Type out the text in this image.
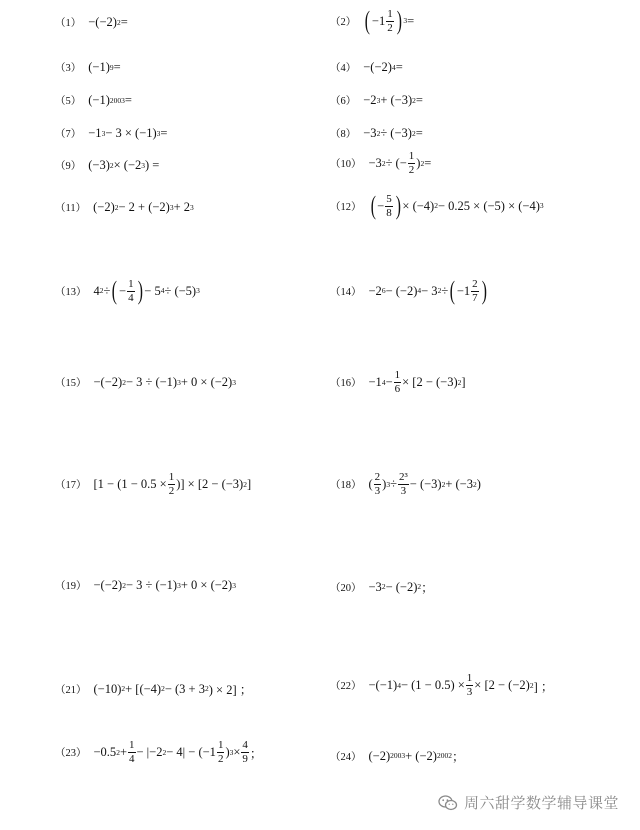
（1） −(−2) 2 =	（2） ( $-1 \frac{1}{2}$ ) 3 =
（3） (−1) 9 =	（4） −(−2) 4 =
（5） (−1) 2003 =	（6） −2 3 + (−3) 2 =
（7） −1 3 − 3 × (−1) 3 =	（8） −3 2 ÷ (−3) 2 =
（9） (−3) 2 × (−2 3 ) =	（10） −3 2 ÷ (− $\frac{1}{2}$ ) 2 =
（11） (−2) 2 − 2 + (−2) 3 + 2 3	（12） ( − $\frac{5}{8}$ ) × (−4) 2 − 0.25 × (−5) × (−4) 3
（13） 4 2 ÷ ( − $\frac{1}{4}$ ) − 5 4 ÷ (−5) 3	（14） −2 6 − (−2) 4 − 3 2 ÷ ( $-1 \frac{2}{7}$ )
（15） −(−2) 2 − 3 ÷ (−1) 3 + 0 × (−2) 3	（16） −1 $4 - \frac{1}{6} \times [2 - (-3)$ 2 ]
（17） [$1 - (1 - 0.5 \times \frac{1}{2}$ )] × [2 − (−3) 2 ]	（18） ( $\frac{2}{3}$ ) $3 \div \frac{\text{2³}}{3} - (-3) 2 + (-3$ 2 )
（19） −(−2) 2 − 3 ÷ (−1) 3 + 0 × (−2) 3	（20） −3 2 − (−2) 2 ；
（21） (−10) 2 + [(−4) 2 − (3 + 3 2 ) × 2] ；	（22） −(−1) $4 - (1 - 0.5) \times \frac{1}{3} \times [2 - (-2)$ 2 ] ；
（23） −0.5 $2 + \frac{1}{4} - |-2$ $2 - 4| - (-1 \frac{1}{2}$ ) $3 \times \frac{4}{9}$ ；	（24） (−2) 2003 + (−2) 2002 ；
周六甜学数学辅导课堂
